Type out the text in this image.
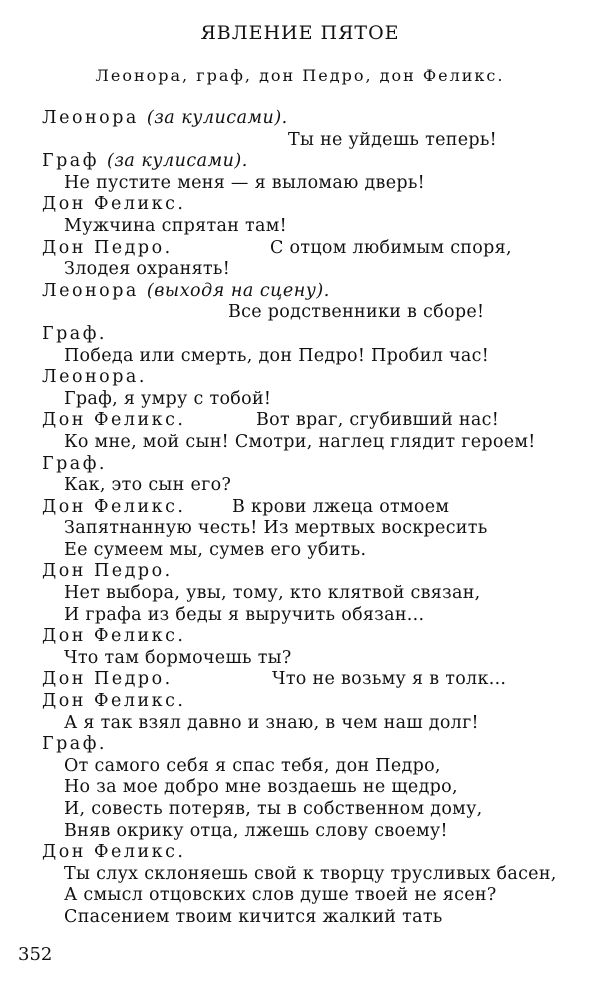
ЯВЛЕНИЕ ПЯТОЕ
Леонора, граф, дон Педро, дон Феликс.
Леонора (за кулисами).
Ты не уйдешь теперь!
Граф (за кулисами).
Не пустите меня — я выломаю дверь!
Дон Феликс.
Мужчина спрятан там!
Дон Педро.	С отцом любимым споря,
Злодея охранять!
Леонора (выходя на сцену).
Все родственники в сборе!
Граф.
Победа или смерть, дон Педро! Пробил час!
Леонора.
Граф, я умру с тобой!
Дон Феликс.	Вот враг, сгубивший нас!
Ко мне, мой сын! Смотри, наглец глядит героем!
Граф.
Как, это сын его?
Дон Феликс.	В крови лжеца отмоем
Запятнанную честь! Из мертвых воскресить
Ее сумеем мы, сумев его убить.
Дон Педро.
Нет выбора, увы, тому, кто клятвой связан,
И графа из беды я выручить обязан...
Дон Феликс.
Что там бормочешь ты?
Дон Педро.	Что не возьму я в толк...
Дон Феликс.
А я так взял давно и знаю, в чем наш долг!
Граф.
От самого себя я спас тебя, дон Педро,
Но за мое добро мне воздаешь не щедро,
И, совесть потеряв, ты в собственном дому,
Вняв окрику отца, лжешь слову своему!
Дон Феликс.
Ты слух склоняешь свой к творцу трусливых басен,
А смысл отцовских слов душе твоей не ясен?
Спасением твоим кичится жалкий тать
352
